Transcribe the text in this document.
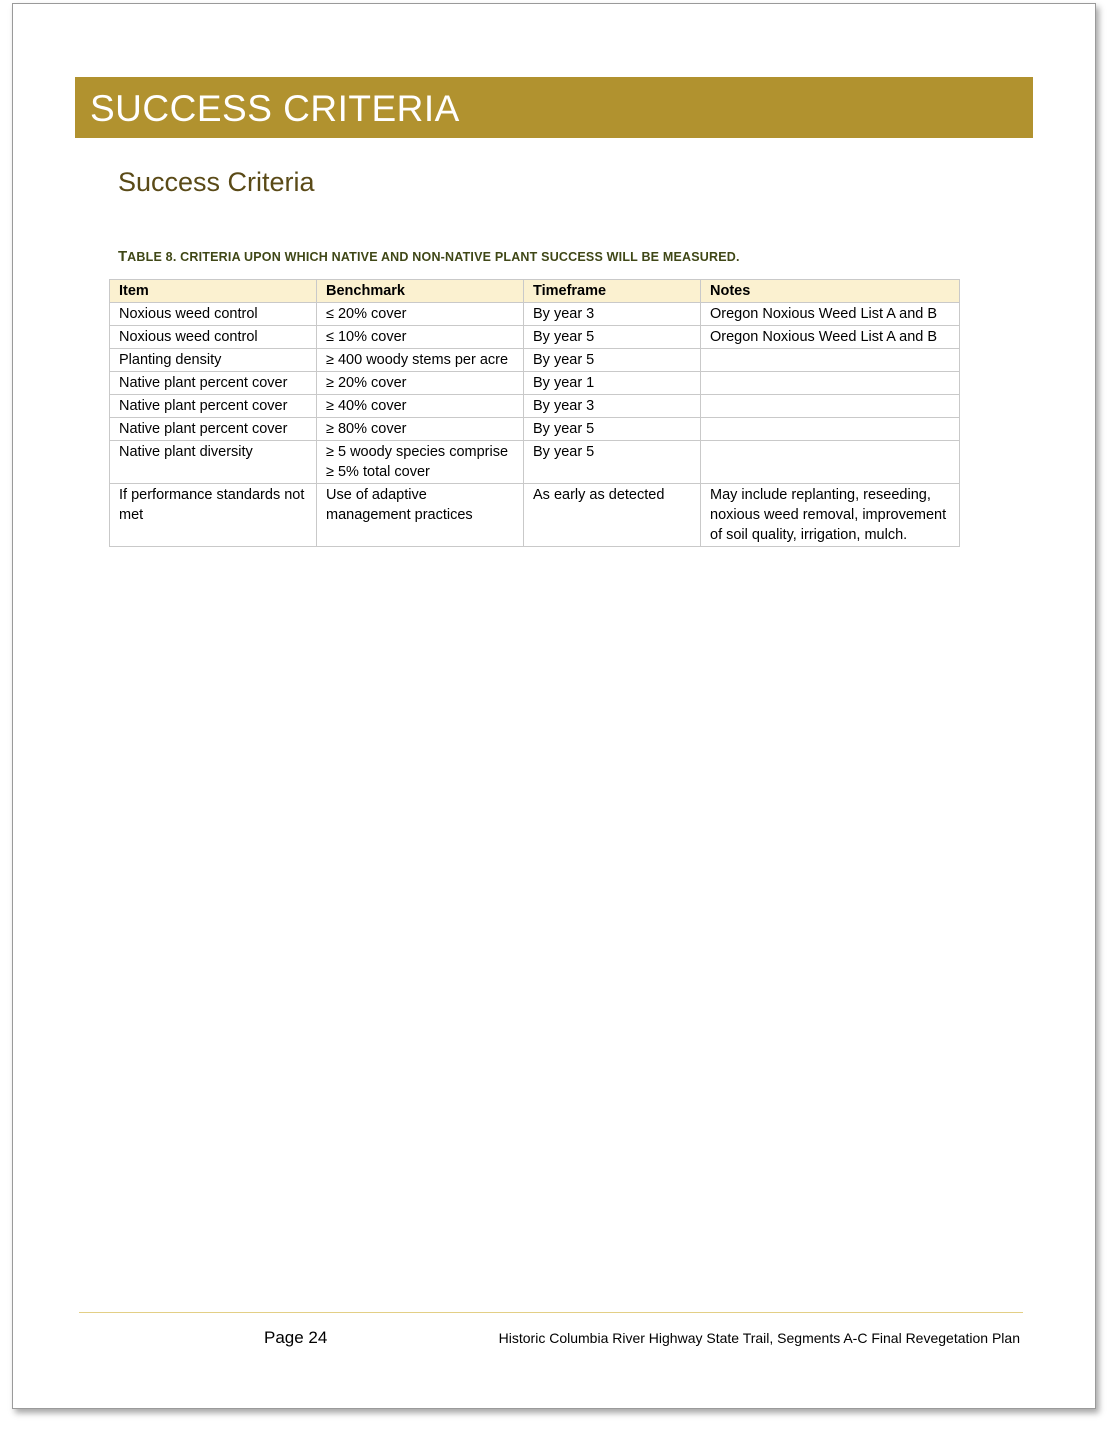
SUCCESS CRITERIA
Success Criteria
TABLE 8. CRITERIA UPON WHICH NATIVE AND NON-NATIVE PLANT SUCCESS WILL BE MEASURED.
Item	Benchmark	Timeframe	Notes
Noxious weed control	≤ 20% cover	By year 3	Oregon Noxious Weed List A and B
Noxious weed control	≤ 10% cover	By year 5	Oregon Noxious Weed List A and B
Planting density	≥ 400 woody stems per acre	By year 5	
Native plant percent cover	≥ 20% cover	By year 1	
Native plant percent cover	≥ 40% cover	By year 3	
Native plant percent cover	≥ 80% cover	By year 5	
Native plant diversity	≥ 5 woody species comprise ≥ 5% total cover	By year 5	
If performance standards not met	Use of adaptive management practices	As early as detected	May include replanting, reseeding, noxious weed removal, improvement of soil quality, irrigation, mulch.
Page 24	Historic Columbia River Highway State Trail, Segments A-C Final Revegetation Plan
